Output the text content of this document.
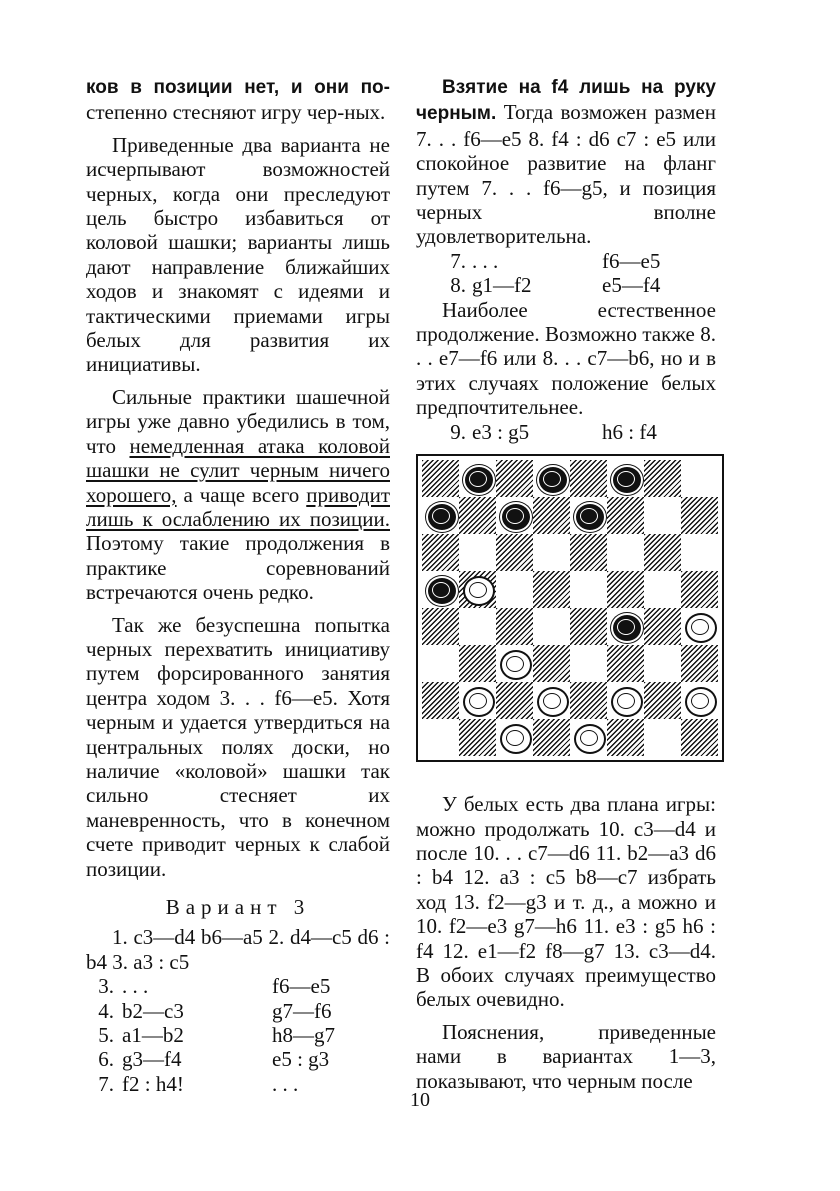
ков в позиции нет, и они по- степенно стесняют игру чер-ных.

Приведенные два варианта не исчерпывают возможностей черных, когда они преследуют цель быстро избавиться от коловой шашки; варианты лишь дают направление ближайших ходов и знакомят с идеями и тактическими приемами игры белых для развития их инициативы.

Сильные практики шашечной игры уже давно убедились в том, что немедленная атака коловой шашки не сулит черным ничего хорошего, а чаще всего приводит лишь к ослаблению их позиции. Поэтому такие продолжения в практике соревнований встречаются очень редко.

Так же безуспешна попытка черных перехватить инициативу путем форсированного занятия центра ходом 3. . . f6—e5. Хотя черным и удается утвердиться на центральных полях доски, но наличие «коловой» шашки так сильно стесняет их маневренность, что в конечном счете приводит черных к слабой позиции.

Вариант 3

1. c3—d4 b6—a5 2. d4—c5 d6 : b4 3. a3 : c5

3. . . .	f6—e5
4. b2—c3	g7—f6
5. a1—b2	h8—g7
6. g3—f4	e5 : g3
7. f2 : h4!	. . .

Взятие на f4 лишь на руку черным. Тогда возможен размен 7. . . f6—e5 8. f4 : d6 c7 : e5 или спокойное развитие на фланг путем 7. . . f6—g5, и позиция черных вполне удовлетворительна.

7. . . .	f6—e5
8. g1—f2	e5—f4

Наиболее естественное продолжение. Возможно также 8. . . e7—f6 или 8. . . c7—b6, но и в этих случаях положение белых предпочтительнее.

9. e3 : g5	h6 : f4

У белых есть два плана игры: можно продолжать 10. c3—d4 и после 10. . . c7—d6 11. b2—a3 d6 : b4 12. a3 : c5 b8—c7 избрать ход 13. f2—g3 и т. д., а можно и 10. f2—e3 g7—h6 11. e3 : g5 h6 : f4 12. e1—f2 f8—g7 13. c3—d4. В обоих случаях преимущество белых очевидно.

Пояснения, приведенные нами в вариантах 1—3, показывают, что черным после

10
